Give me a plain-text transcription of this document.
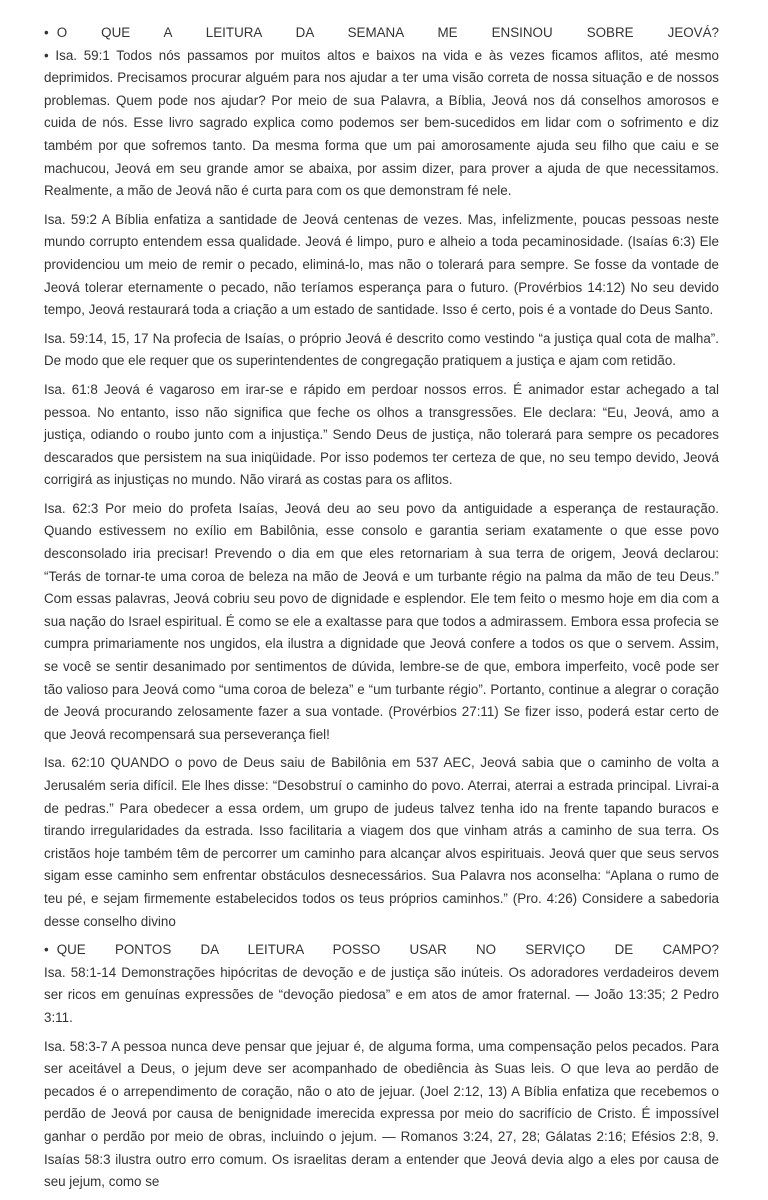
• O QUE A LEITURA DA SEMANA ME ENSINOU SOBRE JEOVÁ?

• Isa. 59:1 Todos nós passamos por muitos altos e baixos na vida e às vezes ficamos aflitos, até mesmo deprimidos. Precisamos procurar alguém para nos ajudar a ter uma visão correta de nossa situação e de nossos problemas. Quem pode nos ajudar? Por meio de sua Palavra, a Bíblia, Jeová nos dá conselhos amorosos e cuida de nós. Esse livro sagrado explica como podemos ser bem-sucedidos em lidar com o sofrimento e diz também por que sofremos tanto. Da mesma forma que um pai amorosamente ajuda seu filho que caiu e se machucou, Jeová em seu grande amor se abaixa, por assim dizer, para prover a ajuda de que necessitamos. Realmente, a mão de Jeová não é curta para com os que demonstram fé nele.

Isa. 59:2 A Bíblia enfatiza a santidade de Jeová centenas de vezes. Mas, infelizmente, poucas pessoas neste mundo corrupto entendem essa qualidade. Jeová é limpo, puro e alheio a toda pecaminosidade. (Isaías 6:3) Ele providenciou um meio de remir o pecado, eliminá-lo, mas não o tolerará para sempre. Se fosse da vontade de Jeová tolerar eternamente o pecado, não teríamos esperança para o futuro. (Provérbios 14:12) No seu devido tempo, Jeová restaurará toda a criação a um estado de santidade. Isso é certo, pois é a vontade do Deus Santo.

Isa. 59:14, 15, 17 Na profecia de Isaías, o próprio Jeová é descrito como vestindo “a justiça qual cota de malha”. De modo que ele requer que os superintendentes de congregação pratiquem a justiça e ajam com retidão.

Isa. 61:8 Jeová é vagaroso em irar-se e rápido em perdoar nossos erros. É animador estar achegado a tal pessoa. No entanto, isso não significa que feche os olhos a transgressões. Ele declara: “Eu, Jeová, amo a justiça, odiando o roubo junto com a injustiça.” Sendo Deus de justiça, não tolerará para sempre os pecadores descarados que persistem na sua iniqüidade. Por isso podemos ter certeza de que, no seu tempo devido, Jeová corrigirá as injustiças no mundo. Não virará as costas para os aflitos.

Isa. 62:3 Por meio do profeta Isaías, Jeová deu ao seu povo da antiguidade a esperança de restauração. Quando estivessem no exílio em Babilônia, esse consolo e garantia seriam exatamente o que esse povo desconsolado iria precisar! Prevendo o dia em que eles retornariam à sua terra de origem, Jeová declarou: “Terás de tornar-te uma coroa de beleza na mão de Jeová e um turbante régio na palma da mão de teu Deus.” Com essas palavras, Jeová cobriu seu povo de dignidade e esplendor. Ele tem feito o mesmo hoje em dia com a sua nação do Israel espiritual. É como se ele a exaltasse para que todos a admirassem. Embora essa profecia se cumpra primariamente nos ungidos, ela ilustra a dignidade que Jeová confere a todos os que o servem. Assim, se você se sentir desanimado por sentimentos de dúvida, lembre-se de que, embora imperfeito, você pode ser tão valioso para Jeová como “uma coroa de beleza” e “um turbante régio”. Portanto, continue a alegrar o coração de Jeová procurando zelosamente fazer a sua vontade. (Provérbios 27:11) Se fizer isso, poderá estar certo de que Jeová recompensará sua perseverança fiel!

Isa. 62:10 QUANDO o povo de Deus saiu de Babilônia em 537 AEC, Jeová sabia que o caminho de volta a Jerusalém seria difícil. Ele lhes disse: “Desobstruí o caminho do povo. Aterrai, aterrai a estrada principal. Livrai-a de pedras.” Para obedecer a essa ordem, um grupo de judeus talvez tenha ido na frente tapando buracos e tirando irregularidades da estrada. Isso facilitaria a viagem dos que vinham atrás a caminho de sua terra. Os cristãos hoje também têm de percorrer um caminho para alcançar alvos espirituais. Jeová quer que seus servos sigam esse caminho sem enfrentar obstáculos desnecessários. Sua Palavra nos aconselha: “Aplana o rumo de teu pé, e sejam firmemente estabelecidos todos os teus próprios caminhos.” (Pro. 4:26) Considere a sabedoria desse conselho divino

• QUE PONTOS DA LEITURA POSSO USAR NO SERVIÇO DE CAMPO?

Isa. 58:1-14 Demonstrações hipócritas de devoção e de justiça são inúteis. Os adoradores verdadeiros devem ser ricos em genuínas expressões de “devoção piedosa” e em atos de amor fraternal. — João 13:35; 2 Pedro 3:11.

Isa. 58:3-7 A pessoa nunca deve pensar que jejuar é, de alguma forma, uma compensação pelos pecados. Para ser aceitável a Deus, o jejum deve ser acompanhado de obediência às Suas leis. O que leva ao perdão de pecados é o arrependimento de coração, não o ato de jejuar. (Joel 2:12, 13) A Bíblia enfatiza que recebemos o perdão de Jeová por causa de benignidade imerecida expressa por meio do sacrifício de Cristo. É impossível ganhar o perdão por meio de obras, incluindo o jejum. — Romanos 3:24, 27, 28; Gálatas 2:16; Efésios 2:8, 9. Isaías 58:3 ilustra outro erro comum. Os israelitas deram a entender que Jeová devia algo a eles por causa de seu jejum, como se
